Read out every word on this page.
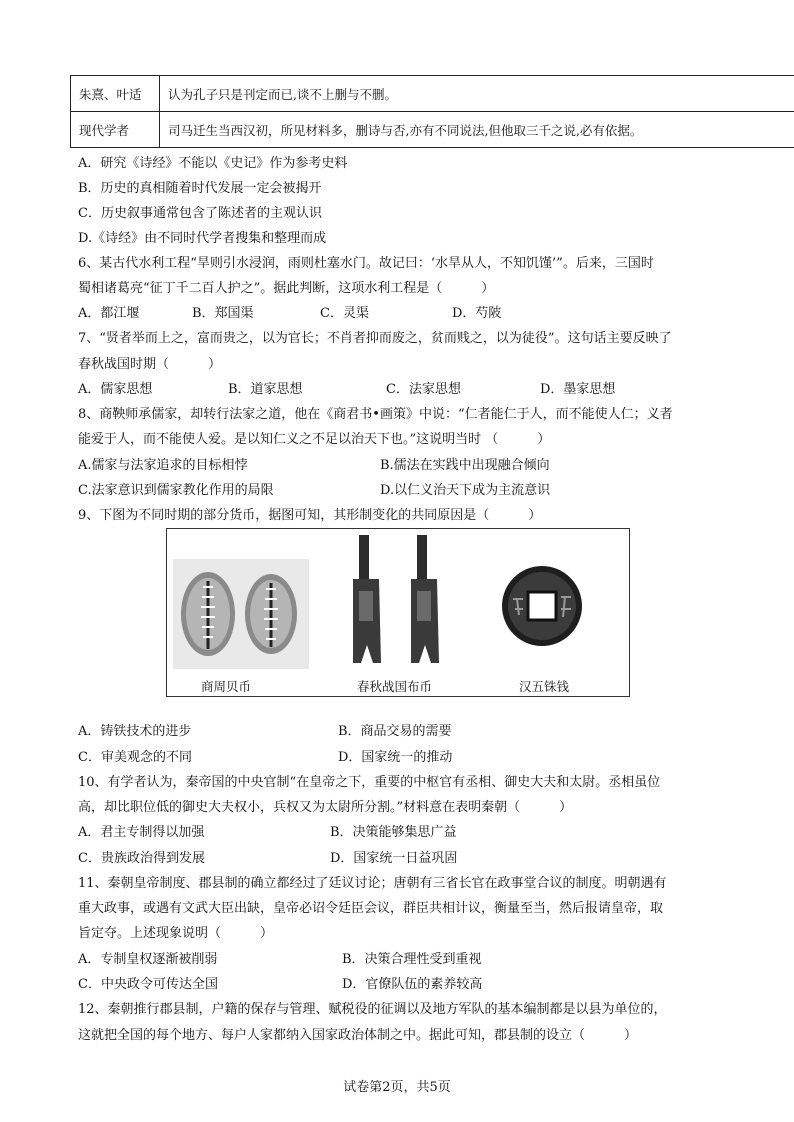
朱熹、叶适	认为孔子只是刊定而已,谈不上删与不删。
现代学者	司马迁生当西汉初，所见材料多，删诗与否,亦有不同说法,但他取三千之说,必有依据。
A．研究《诗经》不能以《史记》作为参考史料
B．历史的真相随着时代发展一定会被揭开
C．历史叙事通常包含了陈述者的主观认识
D.《诗经》由不同时代学者搜集和整理而成
6、某古代水利工程“旱则引水浸润，雨则杜塞水门。故记曰：‘水旱从人，不知饥馑’”。后来，三国时
蜀相诸葛亮“征丁千二百人护之”。据此判断，这项水利工程是（　　　）
A．都江堰	B．郑国渠	C．灵渠	D．芍陂
7、“贤者举而上之，富而贵之，以为官长；不肖者抑而废之，贫而贱之，以为徒役”。这句话主要反映了
春秋战国时期（　　　）
A．儒家思想	B．道家思想	C．法家思想	D．墨家思想
8、商鞅师承儒家，却转行法家之道，他在《商君书•画策》中说：“仁者能仁于人，而不能使人仁；义者
能爱于人，而不能使人爱。是以知仁义之不足以治天下也。”这说明当时 （　　　）
A.儒家与法家追求的目标相悖	B.儒法在实践中出现融合倾向
C.法家意识到儒家教化作用的局限	D.以仁义治天下成为主流意识
9、下图为不同时期的部分货币，据图可知，其形制变化的共同原因是（　　　）
商周贝币	春秋战国布币	汉五铢钱
A．铸铁技术的进步	B．商品交易的需要
C．审美观念的不同	D．国家统一的推动
10、有学者认为，秦帝国的中央官制“在皇帝之下，重要的中枢官有丞相、御史大夫和太尉。丞相虽位
高，却比职位低的御史大夫权小，兵权又为太尉所分割。”材料意在表明秦朝（　　　）
A．君主专制得以加强	B．决策能够集思广益
C．贵族政治得到发展	D．国家统一日益巩固
11、秦朝皇帝制度、郡县制的确立都经过了廷议讨论；唐朝有三省长官在政事堂合议的制度。明朝遇有
重大政事，或遇有文武大臣出缺，皇帝必诏令廷臣会议，群臣共相计议，衡量至当，然后报请皇帝，取
旨定夺。上述现象说明（　　　）
A．专制皇权逐渐被削弱	B．决策合理性受到重视
C．中央政令可传达全国	D．官僚队伍的素养较高
12、秦朝推行郡县制，户籍的保存与管理、赋税役的征调以及地方军队的基本编制都是以县为单位的，
这就把全国的每个地方、每户人家都纳入国家政治体制之中。据此可知，郡县制的设立（　　　）
试卷第2页，共5页
